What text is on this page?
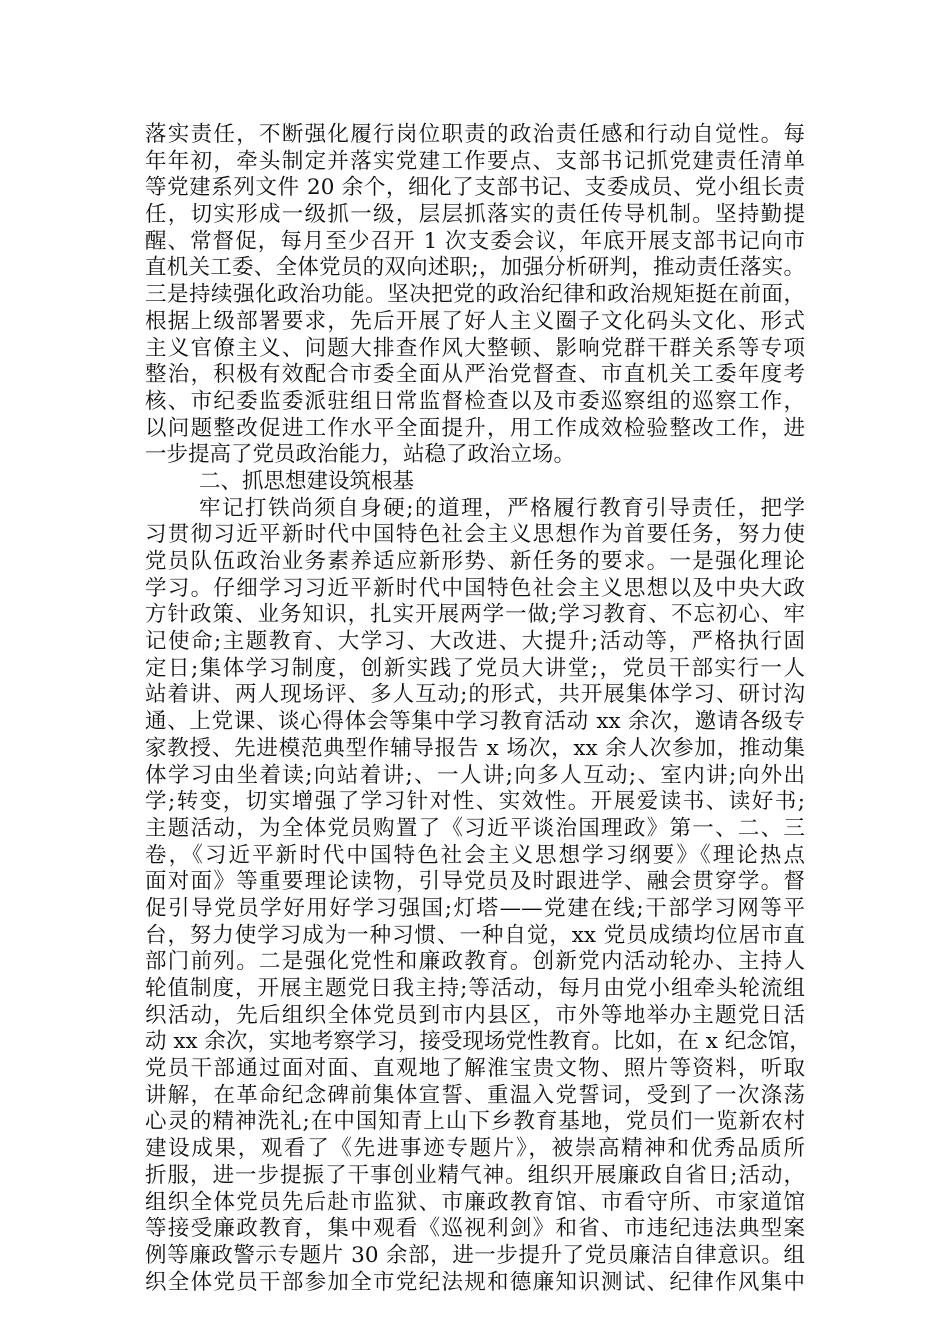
落实责任，不断强化履行岗位职责的政治责任感和行动自觉性。每
年年初，牵头制定并落实党建工作要点、支部书记抓党建责任清单
等党建系列文件 20 余个，细化了支部书记、支委成员、党小组长责
任，切实形成一级抓一级，层层抓落实的责任传导机制。坚持勤提
醒、常督促，每月至少召开 1 次支委会议，年底开展支部书记向市
直机关工委、全体党员的双向述职;，加强分析研判，推动责任落实。
三是持续强化政治功能。坚决把党的政治纪律和政治规矩挺在前面，
根据上级部署要求，先后开展了好人主义圈子文化码头文化、形式
主义官僚主义、问题大排查作风大整顿、影响党群干群关系等专项
整治，积极有效配合市委全面从严治党督查、市直机关工委年度考
核、市纪委监委派驻组日常监督检查以及市委巡察组的巡察工作，
以问题整改促进工作水平全面提升，用工作成效检验整改工作，进
一步提高了党员政治能力，站稳了政治立场。
二、抓思想建设筑根基
牢记打铁尚须自身硬;的道理，严格履行教育引导责任，把学
习贯彻习近平新时代中国特色社会主义思想作为首要任务，努力使
党员队伍政治业务素养适应新形势、新任务的要求。一是强化理论
学习。仔细学习习近平新时代中国特色社会主义思想以及中央大政
方针政策、业务知识，扎实开展两学一做;学习教育、不忘初心、牢
记使命;主题教育、大学习、大改进、大提升;活动等，严格执行固
定日;集体学习制度，创新实践了党员大讲堂;，党员干部实行一人
站着讲、两人现场评、多人互动;的形式，共开展集体学习、研讨沟
通、上党课、谈心得体会等集中学习教育活动 xx 余次，邀请各级专
家教授、先进模范典型作辅导报告 x 场次，xx 余人次参加，推动集
体学习由坐着读;向站着讲;、一人讲;向多人互动;、室内讲;向外出
学;转变，切实增强了学习针对性、实效性。开展爱读书、读好书;
主题活动，为全体党员购置了《习近平谈治国理政》第一、二、三
卷，《习近平新时代中国特色社会主义思想学习纲要》《理论热点
面对面》等重要理论读物，引导党员及时跟进学、融会贯穿学。督
促引导党员学好用好学习强国;灯塔——党建在线;干部学习网等平
台，努力使学习成为一种习惯、一种自觉，xx 党员成绩均位居市直
部门前列。二是强化党性和廉政教育。创新党内活动轮办、主持人
轮值制度，开展主题党日我主持;等活动，每月由党小组牵头轮流组
织活动，先后组织全体党员到市内县区，市外等地举办主题党日活
动 xx 余次，实地考察学习，接受现场党性教育。比如，在 x 纪念馆，
党员干部通过面对面、直观地了解淮宝贵文物、照片等资料，听取
讲解，在革命纪念碑前集体宣誓、重温入党誓词，受到了一次涤荡
心灵的精神洗礼;在中国知青上山下乡教育基地，党员们一览新农村
建设成果，观看了《先进事迹专题片》，被崇高精神和优秀品质所
折服，进一步提振了干事创业精气神。组织开展廉政自省日;活动，
组织全体党员先后赴市监狱、市廉政教育馆、市看守所、市家道馆
等接受廉政教育，集中观看《巡视利剑》和省、市违纪违法典型案
例等廉政警示专题片 30 余部，进一步提升了党员廉洁自律意识。组
织全体党员干部参加全市党纪法规和德廉知识测试、纪律作风集中
